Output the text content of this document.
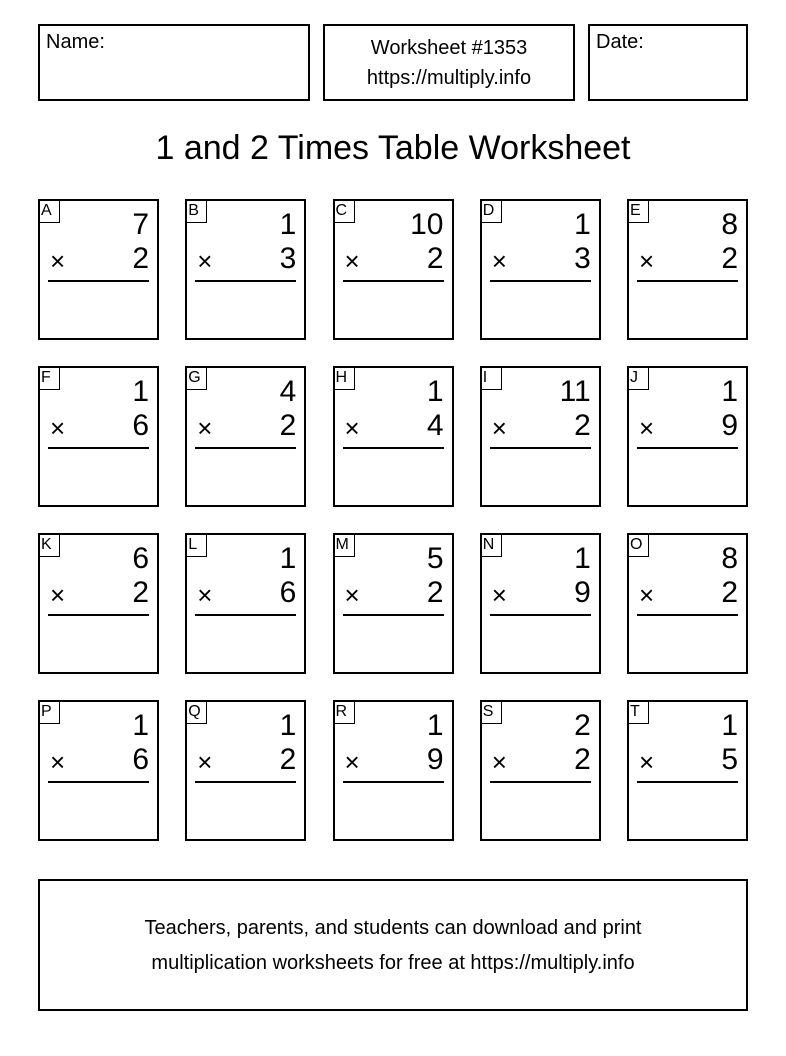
Name:	Worksheet #1353
https://multiply.info
Date:
1 and 2 Times Table Worksheet
A	7
× 2
B	1
× 3
C 10
× 2
D	1
× 3
E	8
× 2
F	1
× 6
G	4
× 2
H	1
× 4
I	11
× 2
J	1
× 9
K	6
× 2
L	1
× 6
M	5
× 2
N	1
× 9
O	8
× 2
P	1
× 6
Q	1
× 2
R	1
× 9
S	2
× 2
T	1
× 5
Teachers, parents, and students can download and print
multiplication worksheets for free at https://multiply.info
